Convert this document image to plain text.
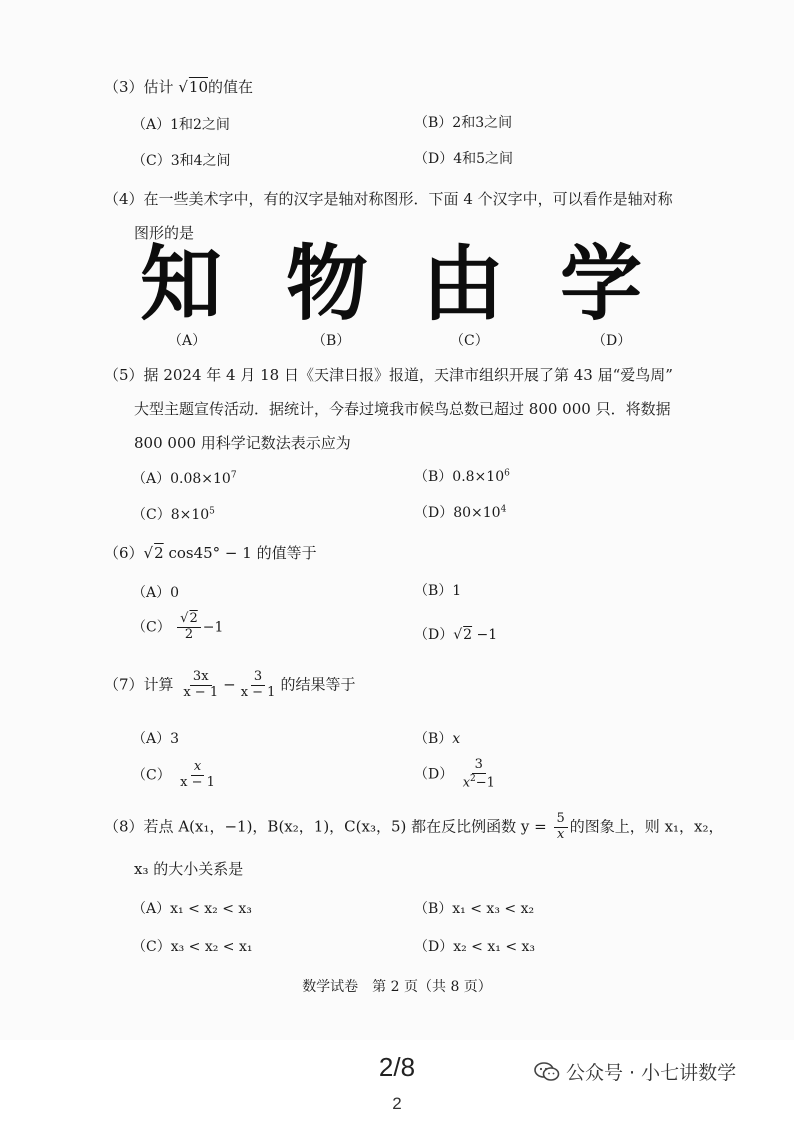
（3）估计 √10的值在
（A）1和2之间	（B）2和3之间
（C）3和4之间	（D）4和5之间
（4）在一些美术字中，有的汉字是轴对称图形．下面 4 个汉字中，可以看作是轴对称
图形的是
知 物 由 学
（A）	（B）	（C）	（D）
（5）据 2024 年 4 月 18 日《天津日报》报道，天津市组织开展了第 43 届“爱鸟周”
大型主题宣传活动．据统计，今春过境我市候鸟总数已超过 800 000 只．将数据
800 000 用科学记数法表示应为
$(A)0.08\times 10^7$	$(B)0.8\times 10^6$
$(C)8\times 10^5$	$(D)80\times 10^4$
（6）√2 cos45° − 1 的值等于
（A）0	（B）1
$(C) \frac{√2}{2} -1$	（D）√2 −1
（7）计算 $\frac{3x}{x - 1} - \frac{3}{x - 1}$ 的结果等于
（A）3	（B）x
$(C) \frac{x}{x - 1}$	$(D) \frac{3}{x^2-1}$
（8）若点 A(x₁，−1)，B(x₂，1)，C(x₃，5) 都在反比例函数 $y = \frac{5}{x}$ 的图象上，则 x₁，x₂，
x₃ 的大小关系是
（A）x₁ < x₂ < x₃	（B）x₁ < x₃ < x₂
（C）x₃ < x₂ < x₁	（D）x₂ < x₁ < x₃
数学试卷　第 2 页（共 8 页）
2/8	公众号 · 小七讲数学
2
